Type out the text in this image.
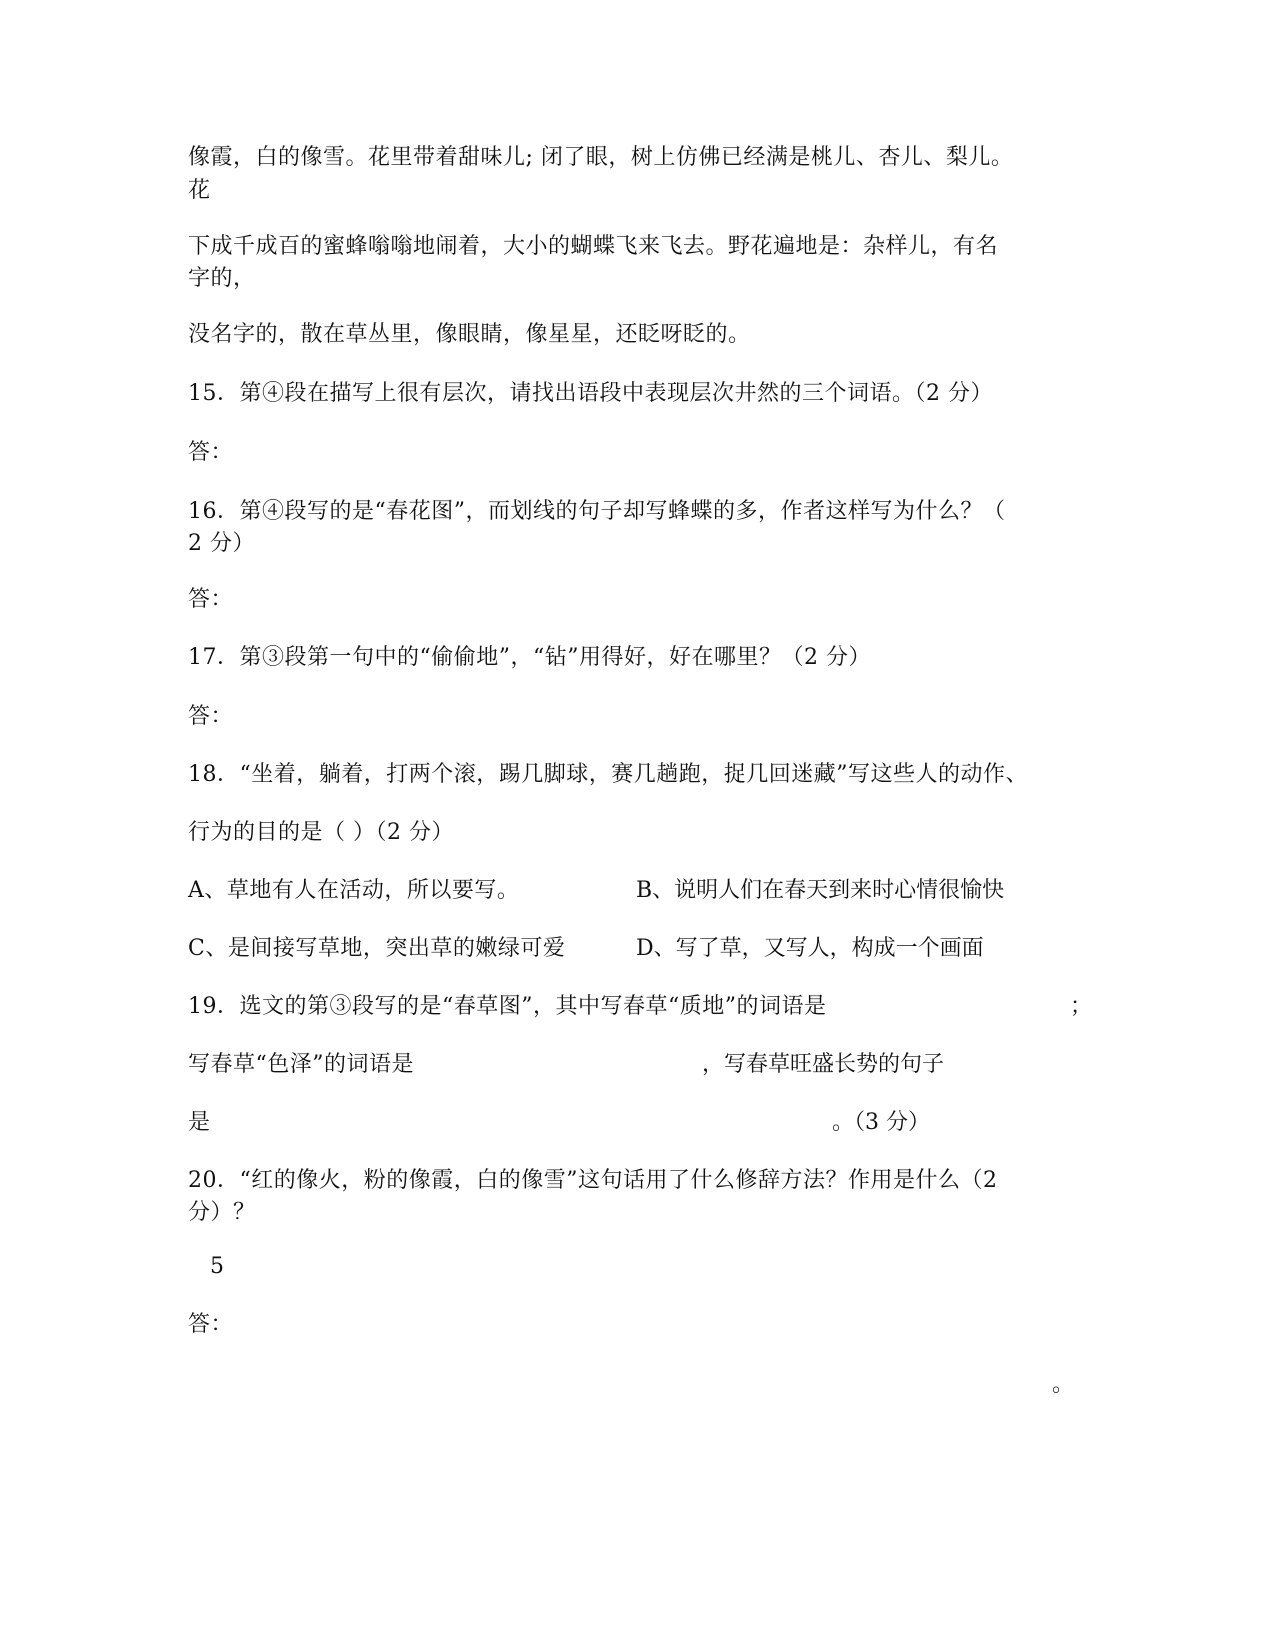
像霞，白的像雪。花里带着甜味儿; 闭了眼，树上仿佛已经满是桃儿、杏儿、梨儿。
花
下成千成百的蜜蜂嗡嗡地闹着，大小的蝴蝶飞来飞去。野花遍地是：杂样儿，有名
字的，
没名字的，散在草丛里，像眼睛，像星星，还眨呀眨的。
15．第④段在描写上很有层次，请找出语段中表现层次井然的三个词语。（2 分）
答：
16．第④段写的是“春花图”，而划线的句子却写蜂蝶的多，作者这样写为什么？（
2 分）
答：
17．第③段第一句中的“偷偷地”，“钻”用得好，好在哪里？（2 分）
答：
18．“坐着，躺着，打两个滚，踢几脚球，赛几趟跑，捉几回迷藏”写这些人的动作、
行为的目的是（ ）（2 分）
A、草地有人在活动，所以要写。	B、说明人们在春天到来时心情很愉快
C、是间接写草地，突出草的嫩绿可爱	D、写了草，又写人，构成一个画面
19．选文的第③段写的是“春草图”，其中写春草“质地”的词语是	；
写春草“色泽”的词语是	，写春草旺盛长势的句子
是	。（3 分）
20．“红的像火，粉的像霞，白的像雪”这句话用了什么修辞方法？作用是什么（2
分）？
5
答：
。
